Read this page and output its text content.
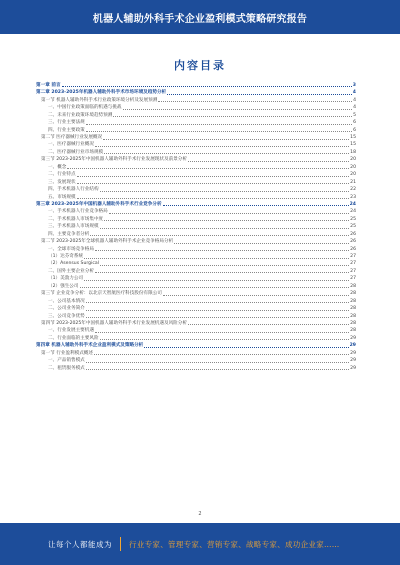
机器人辅助外科手术企业盈利模式策略研究报告
内容目录
第一章 前言	3
第二章 2023-2025年机器人辅助外科手术市场环境及趋势分析	4
第一节 机器人辅助外科手术行业政策环境分析及发展预测	4
一、中国行业政策面临的机遇与挑战	4
二、未来行业政策环境趋势预测	5
三、行业主要法规	6
四、行业主要政策	6
第二节 医疗器械行业发展概况	15
一、医疗器械行业概况	15
二、医疗器械行业市场规模	18
第三节 2023-2025年中国机器人辅助外科手术行业发展现状及前景分析	20
一、概念	20
二、行业特点	20
三、发展现状	21
四、手术机器人行业结构	22
五、市场规模	23
第三章 2023-2025年中国机器人辅助外科手术行业竞争分析	24
一、手术机器人行业竞争格局	24
二、手术机器人市场集中度	25
三、手术机器人市场规模	25
四、主要竞争者分析	26
第二节 2023-2025年全球机器人辅助外科手术企业竞争格局分析	26
一、全球市场竞争格局	26
（1）达芬奇系统	27
（2）Asensus Surgical	27
二、国外主要企业分析	27
（1）美敦力公司	27
（2）强生公司	28
第三节 企业竞争分析：以北京天智航医疗科技股份有限公司	28
一、公司基本情况	28
二、公司业务简介	28
三、公司竞争优势	28
第四节 2023-2025年中国机器人辅助外科手术行业发展机遇及风险分析	28
一、行业发展主要机遇	28
二、行业面临的主要风险	29
第四章 机器人辅助外科手术企业盈利模式及策略分析	29
第一节 行业盈利模式概述	29
一、产品销售模式	29
二、租赁服务模式	29
2
让每个人都能成为 行业专家、管理专家、营销专家、战略专家、成功企业家……
